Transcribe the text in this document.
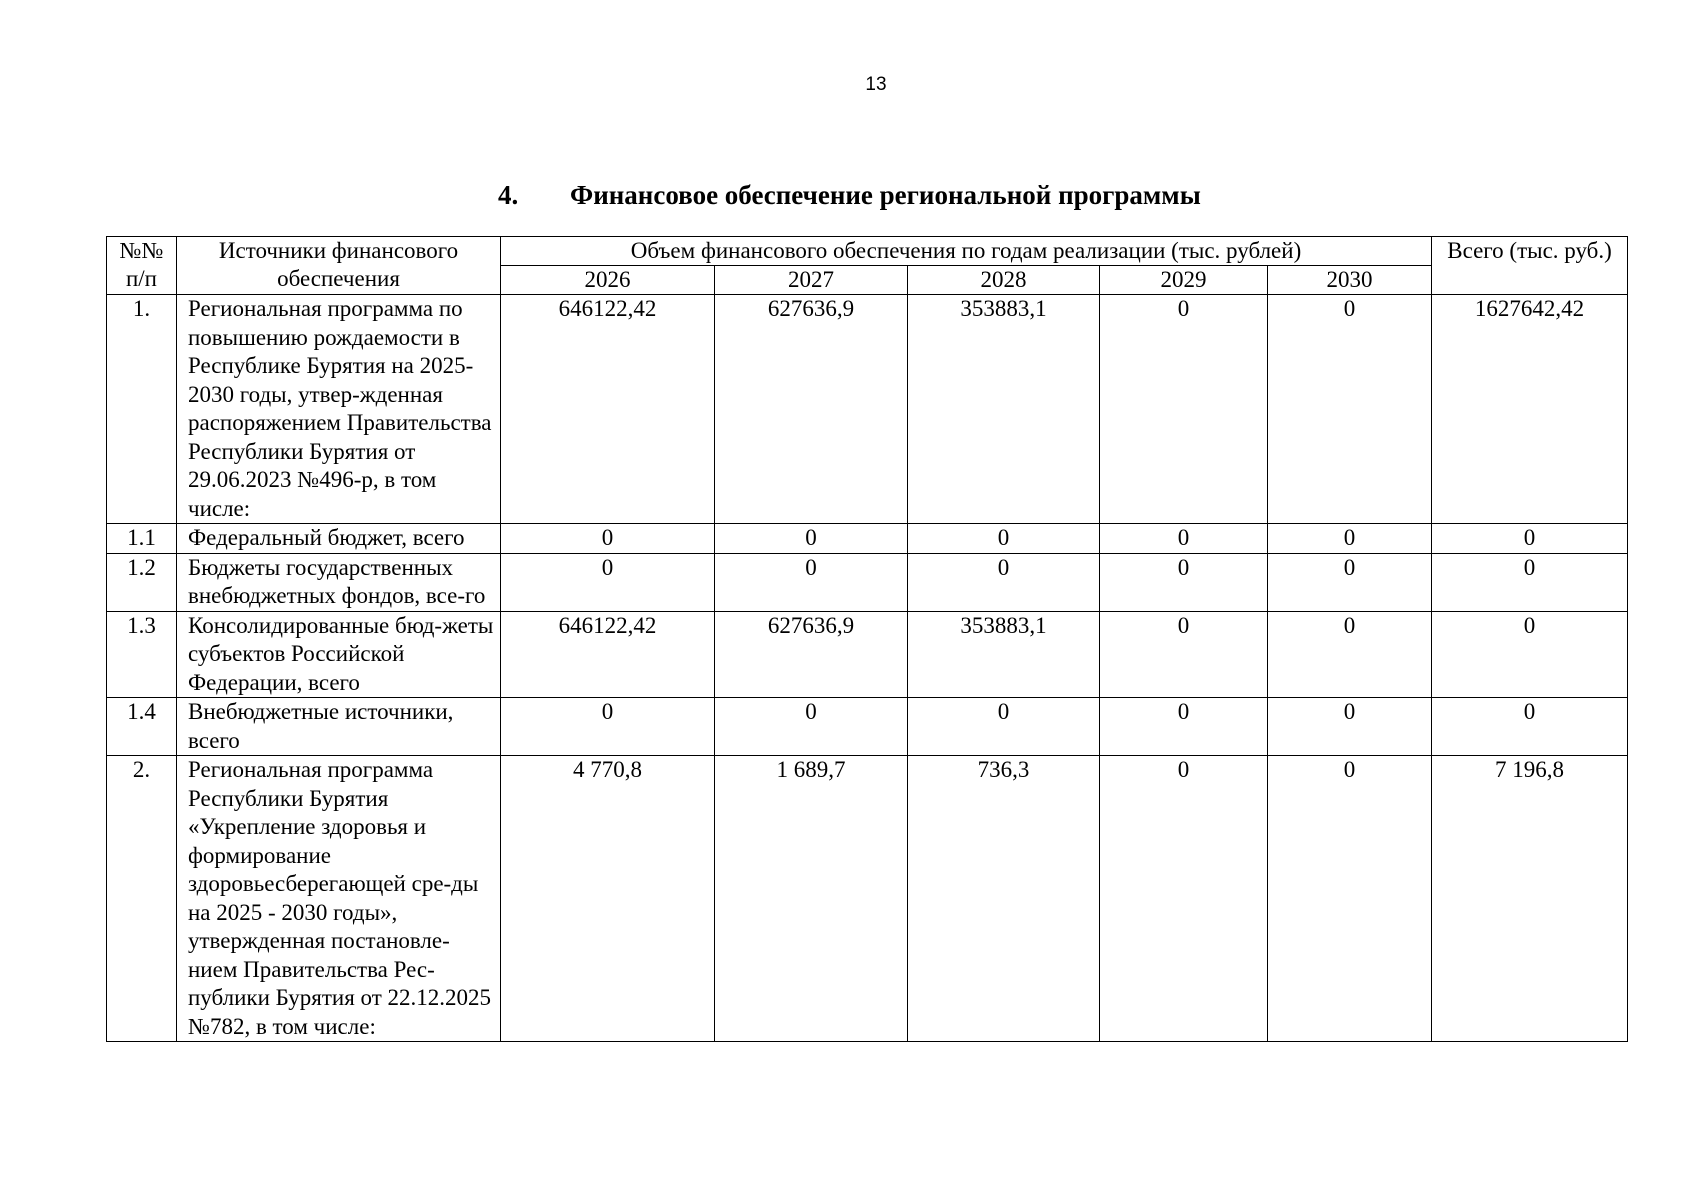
13
4. Финансовое обеспечение региональной программы
№№ п/п	Источники финансового обеспечения	Объем финансового обеспечения по годам реализации (тыс. рублей)					Всего (тыс. руб.)
		2026	2027	2028	2029	2030	
1.	Региональная программа по повышению рождаемости в Республике Бурятия на 2025-2030 годы, утвер-жденная распоряжением Правительства Республики Бурятия от 29.06.2023 №496-р, в том числе:	646122,42	627636,9	353883,1	0	0	1627642,42
1.1	Федеральный бюджет, всего	0	0	0	0	0	0
1.2	Бюджеты государственных внебюджетных фондов, все-го	0	0	0	0	0	0
1.3	Консолидированные бюд-жеты субъектов Российской Федерации, всего	646122,42	627636,9	353883,1	0	0	0
1.4	Внебюджетные источники, всего	0	0	0	0	0	0
2.	Региональная программа Республики Бурятия «Укрепление здоровья и формирование здоровьесберегающей сре-ды на 2025 - 2030 годы», утвержденная постановле-нием Правительства Рес-публики Бурятия от 22.12.2025 №782, в том числе:	4 770,8	1 689,7	736,3	0	0	7 196,8
